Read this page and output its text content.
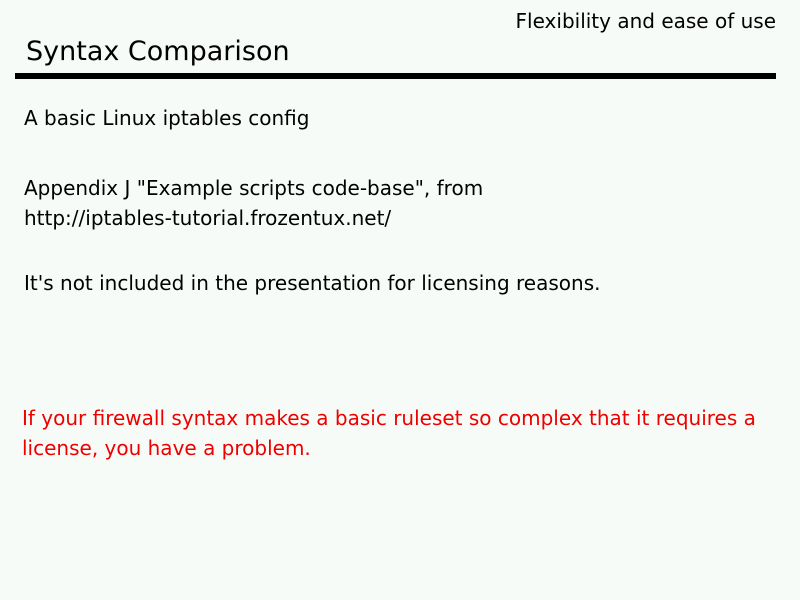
Flexibility and ease of use
Syntax Comparison
A basic Linux iptables config
Appendix J "Example scripts code-base", from
http://iptables-tutorial.frozentux.net/
It's not included in the presentation for licensing reasons.
If your firewall syntax makes a basic ruleset so complex that it requires a
license, you have a problem.
